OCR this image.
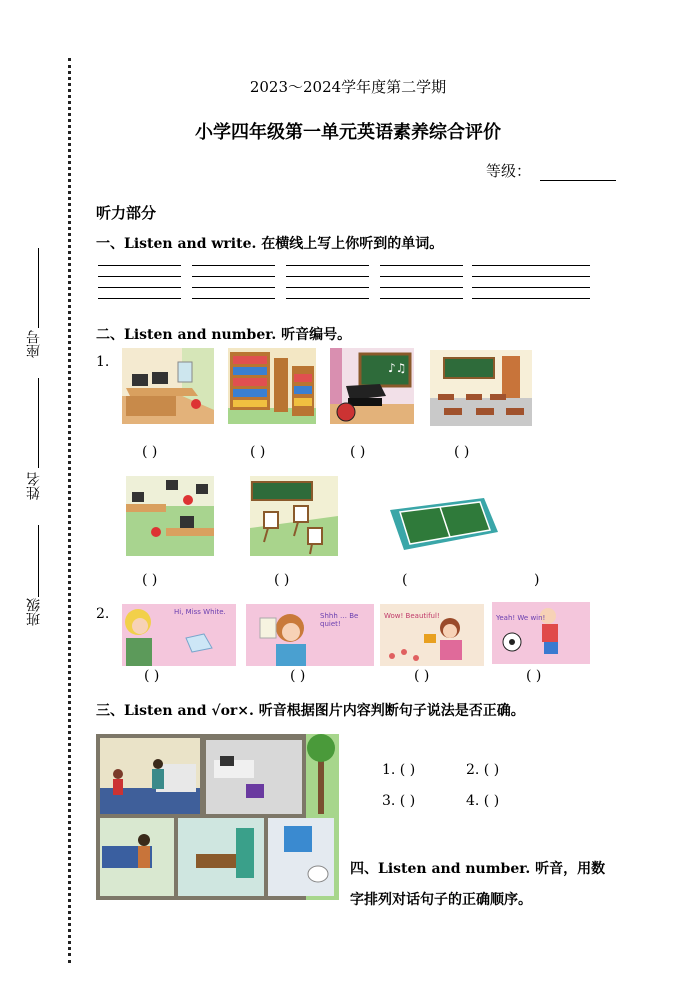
座号
姓名
班级
2023～2024学年度第二学期
小学四年级第一单元英语素养综合评价
等级：
听力部分
一、Listen and write. 在横线上写上你听到的单词。
二、Listen and number. 听音编号。
1.	♪♫
( )	( )	( )	( )
( )	( )	(	)
2.	Hi, Miss White.	Shhh … Be quiet!
Wow! Beautiful!	Yeah! We win!
( )	( )	( )	( )
三、Listen and √or×. 听音根据图片内容判断句子说法是否正确。
1. ( )	2. ( )
3. ( )	4. ( )
四、Listen and number. 听音，用数
字排列对话句子的正确顺序。
